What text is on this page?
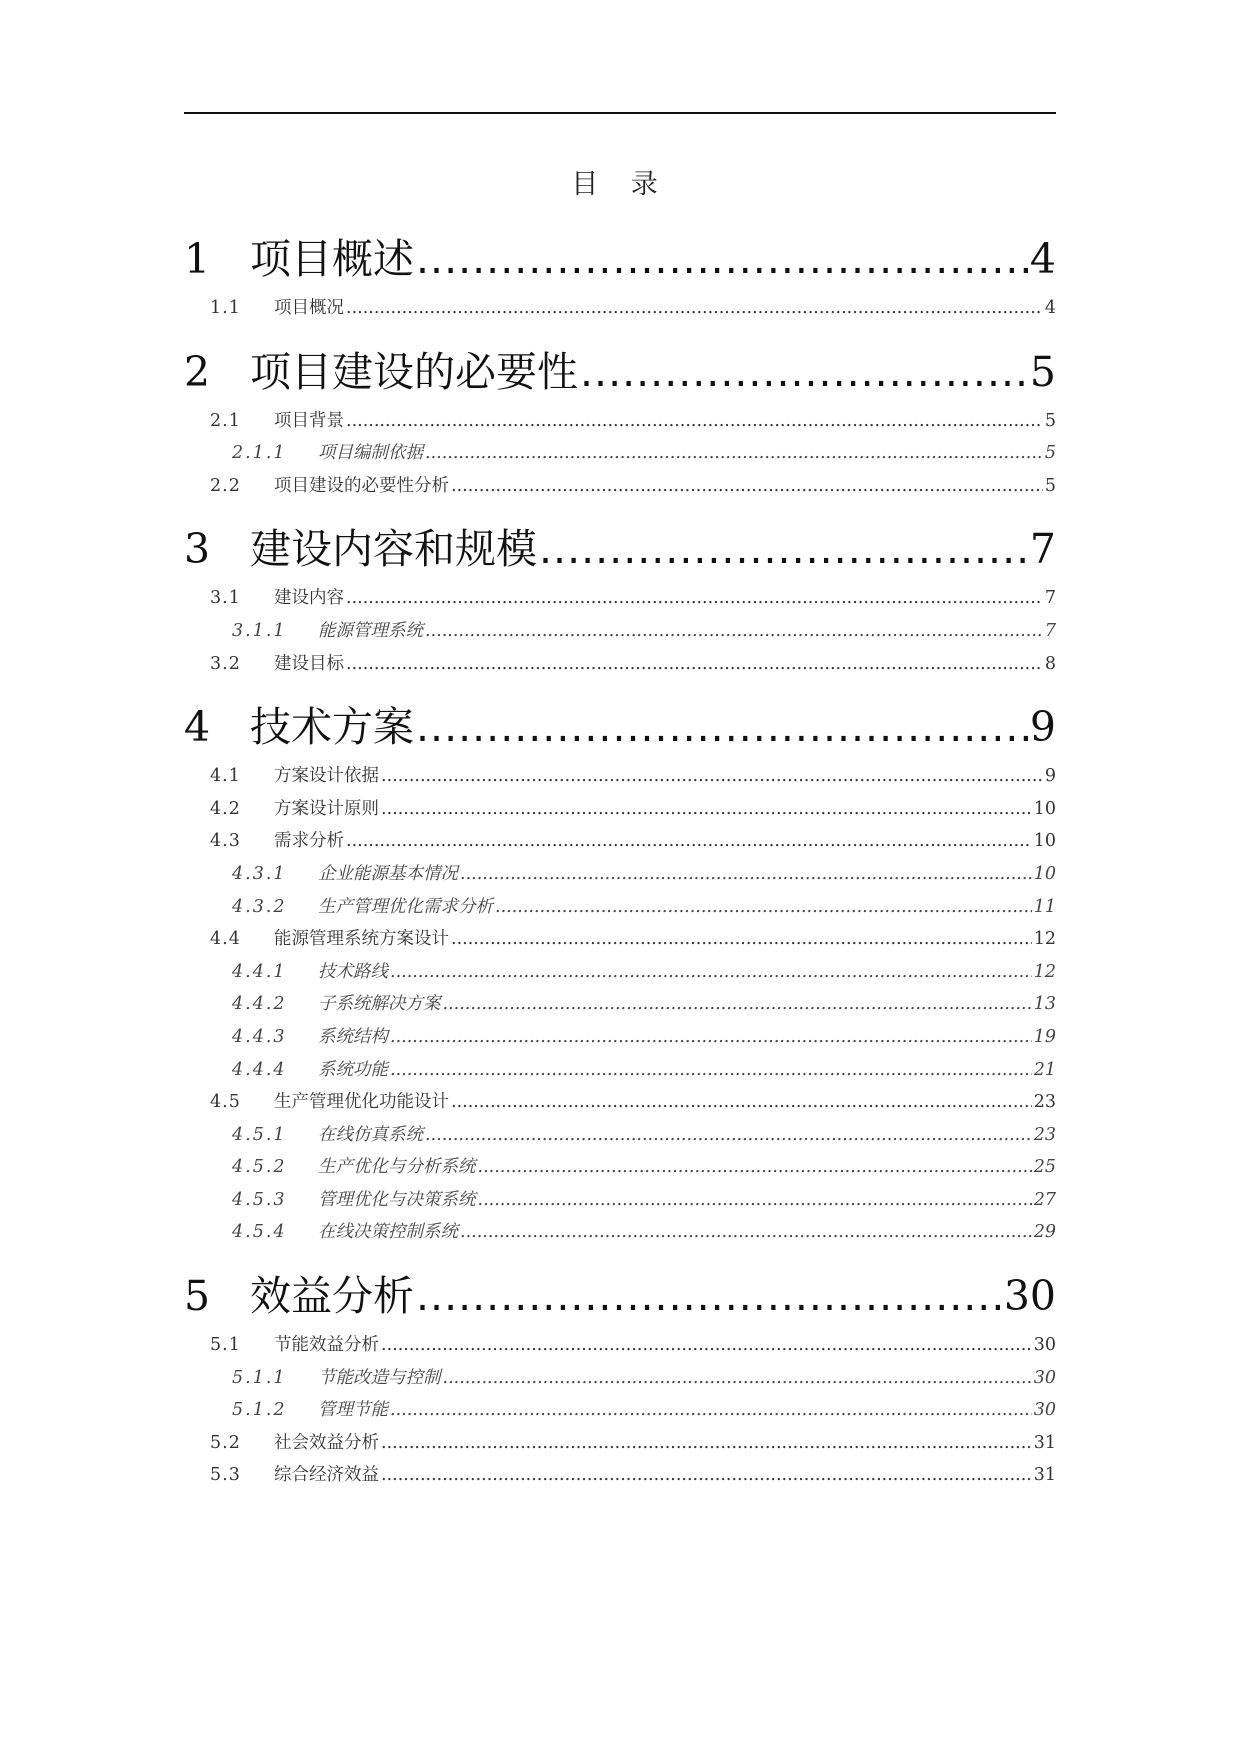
目 录
1 项目概述 .....	4
1.1	项目概况 .....	4
2 项目建设的必要性 .....	5
2.1	项目背景 .....	5
2.1.1	项目编制依据 .....	5
2.2	项目建设的必要性分析 .....	5
3 建设内容和规模 .....	7
3.1	建设内容 .....	7
3.1.1	能源管理系统 .....	7
3.2	建设目标 .....	8
4 技术方案 .....	9
4.1	方案设计依据 .....	9
4.2	方案设计原则 .....	10
4.3	需求分析 .....	10
4.3.1	企业能源基本情况 .....	10
4.3.2	生产管理优化需求分析 .....	11
4.4	能源管理系统方案设计 .....	12
4.4.1	技术路线 .....	12
4.4.2	子系统解决方案 .....	13
4.4.3	系统结构 .....	19
4.4.4	系统功能 .....	21
4.5	生产管理优化功能设计 .....	23
4.5.1	在线仿真系统 .....	23
4.5.2	生产优化与分析系统 .....	25
4.5.3	管理优化与决策系统 .....	27
4.5.4	在线决策控制系统 .....	29
5 效益分析 .....	30
5.1	节能效益分析 .....	30
5.1.1	节能改造与控制 .....	30
5.1.2	管理节能 .....	30
5.2	社会效益分析 .....	31
5.3	综合经济效益 .....	31
